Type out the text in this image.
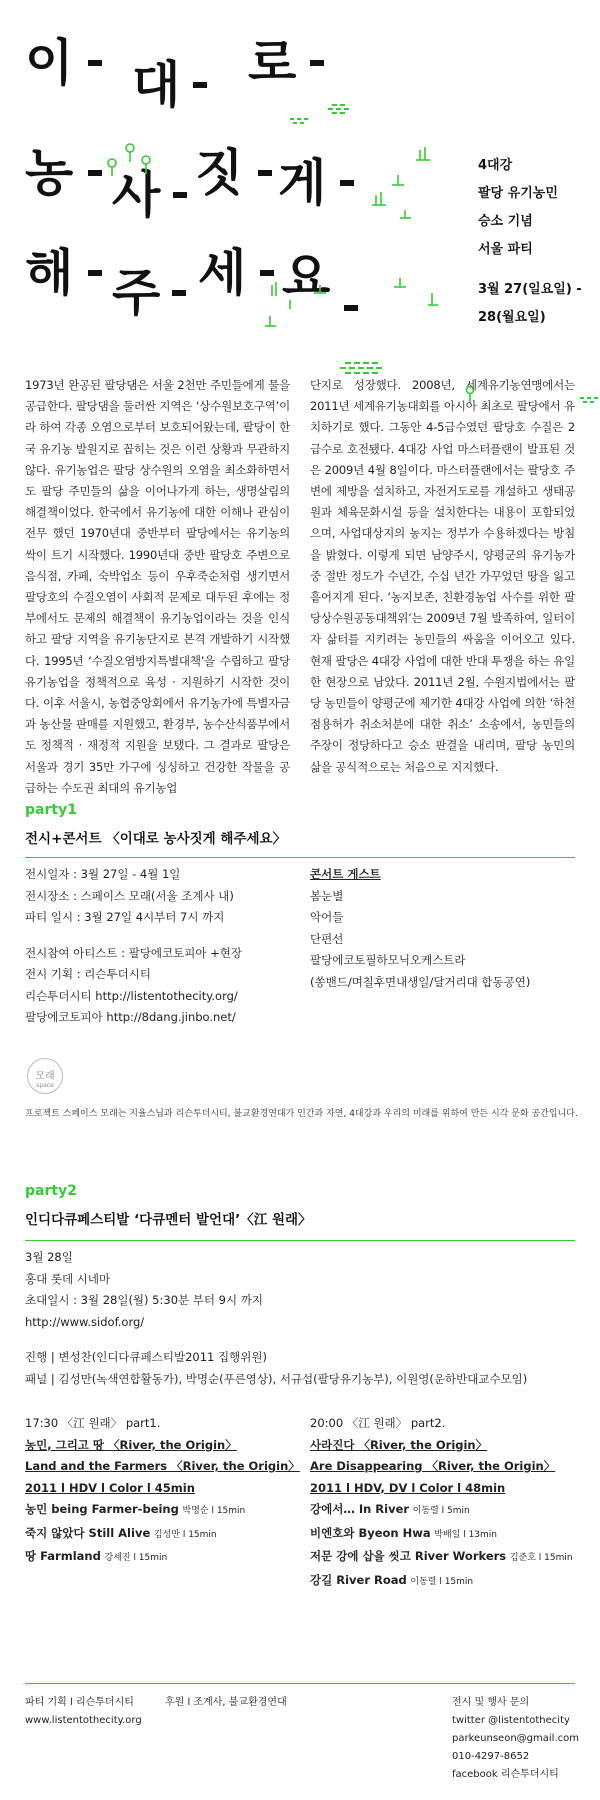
이 대 로
농 사 짓 게
해 주 세 요
4대강
팔당 유기농민
승소 기념
서울 파티
3월 27(일요일) -
28(월요일)

1973년 완공된 팔당댐은 서울 2천만 주민들에게 물을 공급한다. 팔당댐을 둘러싼 지역은 ‘상수원보호구역’이라 하여 각종 오염으로부터 보호되어왔는데, 팔당이 한국 유기농 발원지로 꼽히는 것은 이런 상황과 무관하지 않다. 유기농업은 팔당 상수원의 오염을 최소화하면서도 팔당 주민들의 삶을 이어나가게 하는, 생명살림의 해결책이었다. 한국에서 유기농에 대한 이해나 관심이 전무 했던 1970년대 중반부터 팔당에서는 유기농의 싹이 트기 시작했다. 1990년대 중반 팔당호 주변으로 음식점, 카페, 숙박업소 등이 우후죽순처럼 생기면서 팔당호의 수질오염이 사회적 문제로 대두된 후에는 정부에서도 문제의 해결책이 유기농업이라는 것을 인식하고 팔당 지역을 유기농단지로 본격 개발하기 시작했다. 1995년 ‘수질오염방지특별대책’을 수립하고 팔당 유기농업을 정책적으로 육성 · 지원하기 시작한 것이다. 이후 서울시, 농협중앙회에서 유기농가에 특별자금과 농산물 판매를 지원했고, 환경부, 농수산식품부에서도 정책적 · 재정적 지원을 보탰다. 그 결과로 팔당은 서울과 경기 35만 가구에 싱싱하고 건강한 작물을 공급하는 수도권 최대의 유기농업

단지로 성장했다. 2008년, 세계유기농연맹에서는 2011년 세계유기농대회를 아시아 최초로 팔당에서 유치하기로 했다. 그동안 4-5급수였던 팔당호 수질은 2급수로 호전됐다. 4대강 사업 마스터플랜이 발표된 것은 2009년 4월 8일이다. 마스터플랜에서는 팔당호 주변에 제방을 설치하고, 자전거도로를 개설하고 생태공원과 체육문화시설 등을 설치한다는 내용이 포함되었으며, 사업대상지의 농지는 정부가 수용하겠다는 방침을 밝혔다. 이렇게 되면 남양주시, 양평군의 유기농가 중 절반 정도가 수년간, 수십 년간 가꾸었던 땅을 잃고 흩어지게 된다. ‘농지보존, 친환경농업 사수를 위한 팔당상수원공동대책위’는 2009년 7월 발족하여, 일터이자 삶터를 지키려는 농민들의 싸움을 이어오고 있다. 현재 팔당은 4대강 사업에 대한 반대 투쟁을 하는 유일한 현장으로 남았다. 2011년 2월, 수원지법에서는 팔당 농민들이 양평군에 제기한 4대강 사업에 의한 ‘하천점용허가 취소처분에 대한 취소’ 소송에서, 농민들의 주장이 정당하다고 승소 판결을 내리며, 팔당 농민의 삶을 공식적으로는 처음으로 지지했다.

party1
전시+콘서트 〈이대로 농사짓게 해주세요〉
전시일자 : 3월 27일 - 4월 1일
전시장소 : 스페이스 모래(서울 조계사 내)
파티 일시 : 3월 27일 4시부터 7시 까지
전시참여 아티스트 : 팔당에코토피아 +현장
전시 기획 : 리슨투더시티
리슨투더시티 http://listentothecity.org/
팔당에코토피아 http://8dang.jinbo.net/
콘서트 게스트
봄눈별
악어들
단편선
팔당에코토필하모닉오케스트라
(쏭밴드/며칠후면내생일/달거리대 합동공연)
모래
space
프로젝트 스페이스 모래는 지율스님과 리슨투더시티, 불교환경연대가 인간과 자연, 4대강과 우리의 미래를 위하여 만든 시각 문화 공간입니다.
party2
인디다큐페스티발 ‘다큐멘터 발언대’〈江 원래〉
3월 28일
홍대 롯데 시네마
초대일시 : 3월 28일(월) 5:30분 부터 9시 까지
http://www.sidof.org/
진행 | 변성찬(인디다큐페스티발2011 집행위원)
패널 | 김성만(녹색연합활동가), 박명순(푸른영상), 서규섭(팔당유기농부), 이원영(운하반대교수모임)
17:30 〈江 원래〉 part1.
농민, 그리고 땅 〈River, the Origin〉
Land and the Farmers 〈River, the Origin〉
2011 l HDV l Color l 45min
농민 being Farmer-being 박명순 l 15min
죽지 않았다 Still Alive 김성만 l 15min
땅 Farmland 강세진 l 15min
20:00 〈江 원래〉 part2.
사라진다 〈River, the Origin〉
Are Disappearing 〈River, the Origin〉
2011 l HDV, DV l Color l 48min
강에서… In River 이동렬 l 5min
비엔호와 Byeon Hwa 박배일 l 13min
저문 강에 삽을 씻고 River Workers 김준호 l 15min
강길 River Road 이동렬 l 15min
파티 기획 l 리슨투더시티
www.listentothecity.org
후원 l 조계사, 불교환경연대	전시 및 행사 문의
twitter @listentothecity
parkeunseon@gmail.com
010-4297-8652
facebook 리슨투더시티
